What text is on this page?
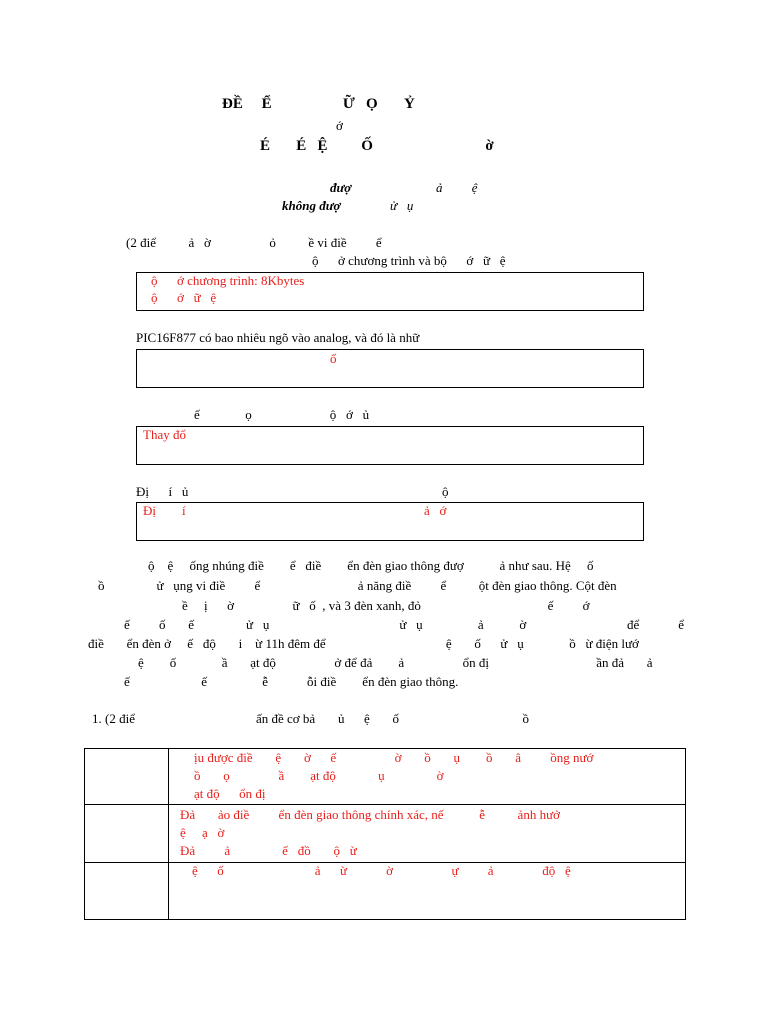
ĐỀ     Ể                   Ữ   Ọ       Ỷ
ớ
É       É   Ệ         Ố                              ờ
đượ	ả         ệ
không đượ	ử   ụ
(2 điể          ả   ờ                  ỏ          ề vi điề         ể
ộ      ở chương trình và bộ      ớ   ữ   ệ
ộ      ớ chương trình: 8Kbytes
ộ      ớ   ữ   ệ
PIC16F877 có bao nhiêu ngõ vào analog, và đó là nhữ
ố
ế              ọ                        ộ   ớ   ủ
Thay đổ
Đị      í   ủ	ộ
Đị        í	ả   ớ
ộ    ệ     ống nhúng điề        ể   điề        ển đèn giao thông đượ           ả như sau. Hệ     ố
ồ                ử   ụng vi điề         ể                              ả năng điề         ể          ột đèn giao thông. Cột đèn
ề     ị      ờ                  ữ   ố  , và 3 đèn xanh, đỏ                                       ế         ớ
ế         ố       ế                ử   ụ                                        ử   ụ                 ả           ờ                               để            ể
điề       ển đèn ở     ế   độ       i    ừ 11h đêm để                                     ệ       ố      ử   ụ              ồ   ừ điện lướ
ệ        ố              ầ       ạt độ                  ở để đả        ả                  ổn đị                                 ần đả       ả
ế                      ế                 ễ            ỗi điề        ển đèn giao thông.
1. (2 điể	ấn đề cơ bả       ủ      ệ       ố                                      ồ
ịu được điề       ệ       ờ      ế                  ờ       ồ       ụ        ồ       â         ồng nướ
ồ       ọ               ầ        ạt độ             ụ                ờ
ạt độ      ổn đị
Đả       ảo điề         ển đèn giao thông chính xác, nế           ễ          ảnh hưở
ệ     ạ   ờ
Đả         ả                ế   đồ       ộ   ừ
ệ      ố                            ả      ừ            ờ                  ự         ả               độ   ệ
